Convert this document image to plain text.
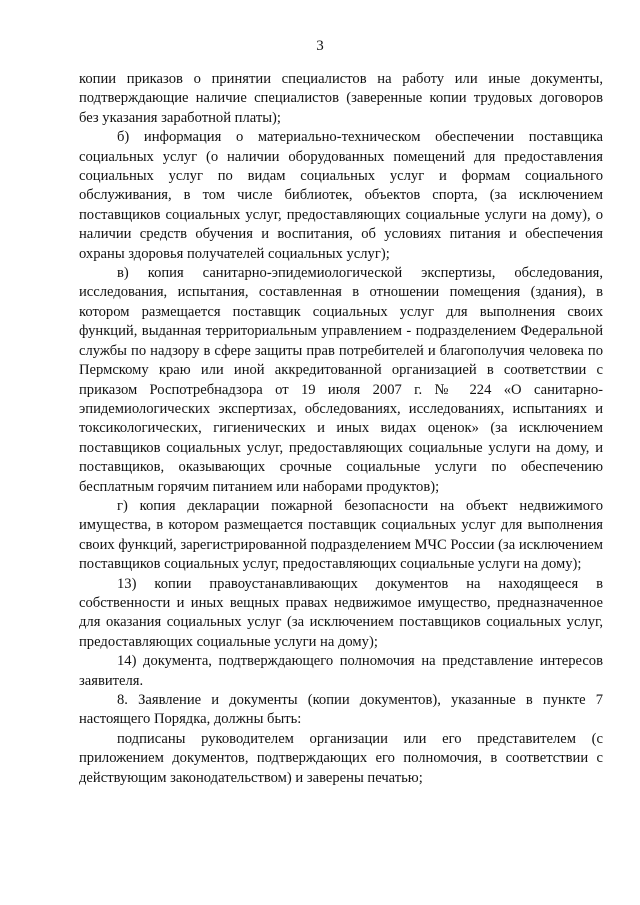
3

копии приказов о принятии специалистов на работу или иные документы, подтверждающие наличие специалистов (заверенные копии трудовых договоров без указания заработной платы);

б) информация о материально-техническом обеспечении поставщика социальных услуг (о наличии оборудованных помещений для предоставления социальных услуг по видам социальных услуг и формам социального обслуживания, в том числе библиотек, объектов спорта, (за исключением поставщиков социальных услуг, предоставляющих социальные услуги на дому), о наличии средств обучения и воспитания, об условиях питания и обеспечения охраны здоровья получателей социальных услуг);

в) копия санитарно-эпидемиологической экспертизы, обследования, исследования, испытания, составленная в отношении помещения (здания), в котором размещается поставщик социальных услуг для выполнения своих функций, выданная территориальным управлением - подразделением Федеральной службы по надзору в сфере защиты прав потребителей и благополучия человека по Пермскому краю или иной аккредитованной организацией в соответствии с приказом Роспотребнадзора от 19 июля 2007 г. № 224 «О санитарно-эпидемиологических экспертизах, обследованиях, исследованиях, испытаниях и токсикологических, гигиенических и иных видах оценок» (за исключением поставщиков социальных услуг, предоставляющих социальные услуги на дому, и поставщиков, оказывающих срочные социальные услуги по обеспечению бесплатным горячим питанием или наборами продуктов);

г) копия декларации пожарной безопасности на объект недвижимого имущества, в котором размещается поставщик социальных услуг для выполнения своих функций, зарегистрированной подразделением МЧС России (за исключением поставщиков социальных услуг, предоставляющих социальные услуги на дому);

13) копии правоустанавливающих документов на находящееся в собственности и иных вещных правах недвижимое имущество, предназначенное для оказания социальных услуг (за исключением поставщиков социальных услуг, предоставляющих социальные услуги на дому);

14) документа, подтверждающего полномочия на представление интересов заявителя.

8. Заявление и документы (копии документов), указанные в пункте 7 настоящего Порядка, должны быть:

подписаны руководителем организации или его представителем (с приложением документов, подтверждающих его полномочия, в соответствии с действующим законодательством) и заверены печатью;
